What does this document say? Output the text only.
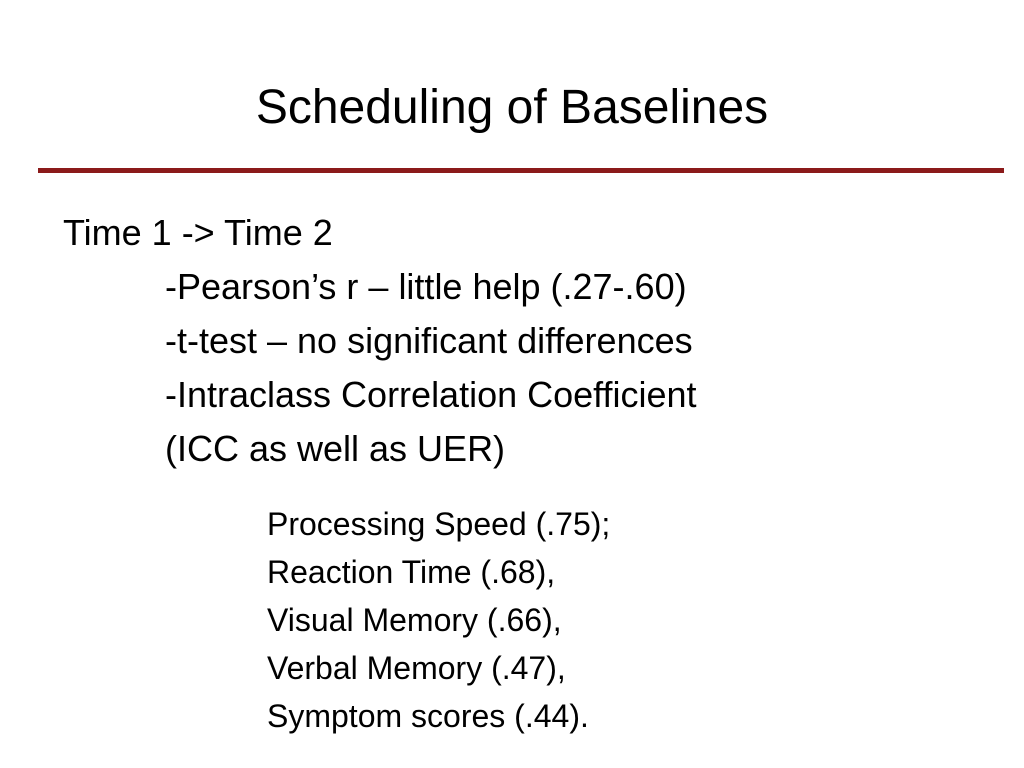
Scheduling of Baselines
Time 1 -> Time 2
-Pearson’s r – little help (.27-.60)
-t-test – no significant differences
-Intraclass Correlation Coefficient
(ICC as well as UER)
Processing Speed (.75);
Reaction Time (.68),
Visual Memory (.66),
Verbal Memory (.47),
Symptom scores (.44).
